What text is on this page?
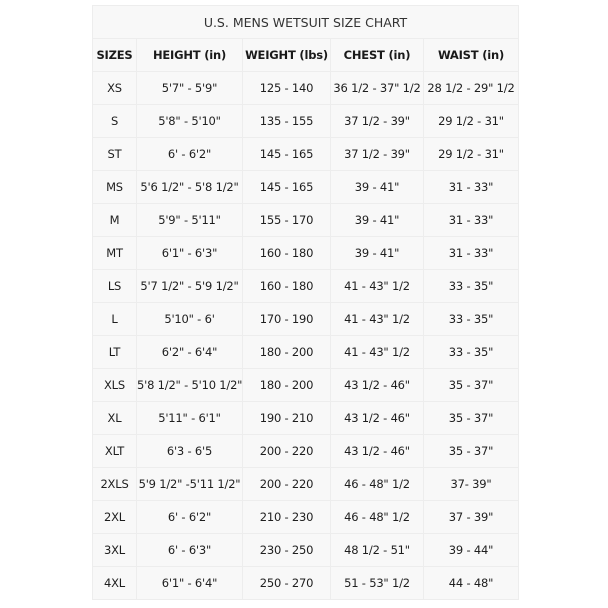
U.S. MENS WETSUIT SIZE CHART				
SIZES	HEIGHT (in)	WEIGHT (lbs)	CHEST (in)	WAIST (in)
XS	5'7" - 5'9"	125 - 140	36 1/2 - 37" 1/2	28 1/2 - 29" 1/2
S	5'8" - 5'10"	135 - 155	37 1/2 - 39"	29 1/2 - 31"
ST	6' - 6'2"	145 - 165	37 1/2 - 39"	29 1/2 - 31"
MS	5'6 1/2" - 5'8 1/2"	145 - 165	39 - 41"	31 - 33"
M	5'9" - 5'11"	155 - 170	39 - 41"	31 - 33"
MT	6'1" - 6'3"	160 - 180	39 - 41"	31 - 33"
LS	5'7 1/2" - 5'9 1/2"	160 - 180	41 - 43" 1/2	33 - 35"
L	5'10" - 6'	170 - 190	41 - 43" 1/2	33 - 35"
LT	6'2" - 6'4"	180 - 200	41 - 43" 1/2	33 - 35"
XLS	5'8 1/2" - 5'10 1/2"	180 - 200	43 1/2 - 46"	35 - 37"
XL	5'11" - 6'1"	190 - 210	43 1/2 - 46"	35 - 37"
XLT	6'3 - 6'5	200 - 220	43 1/2 - 46"	35 - 37"
2XLS	5'9 1/2" -5'11 1/2"	200 - 220	46 - 48" 1/2	37- 39"
2XL	6' - 6'2"	210 - 230	46 - 48" 1/2	37 - 39"
3XL	6' - 6'3"	230 - 250	48 1/2 - 51"	39 - 44"
4XL	6'1" - 6'4"	250 - 270	51 - 53" 1/2	44 - 48"
